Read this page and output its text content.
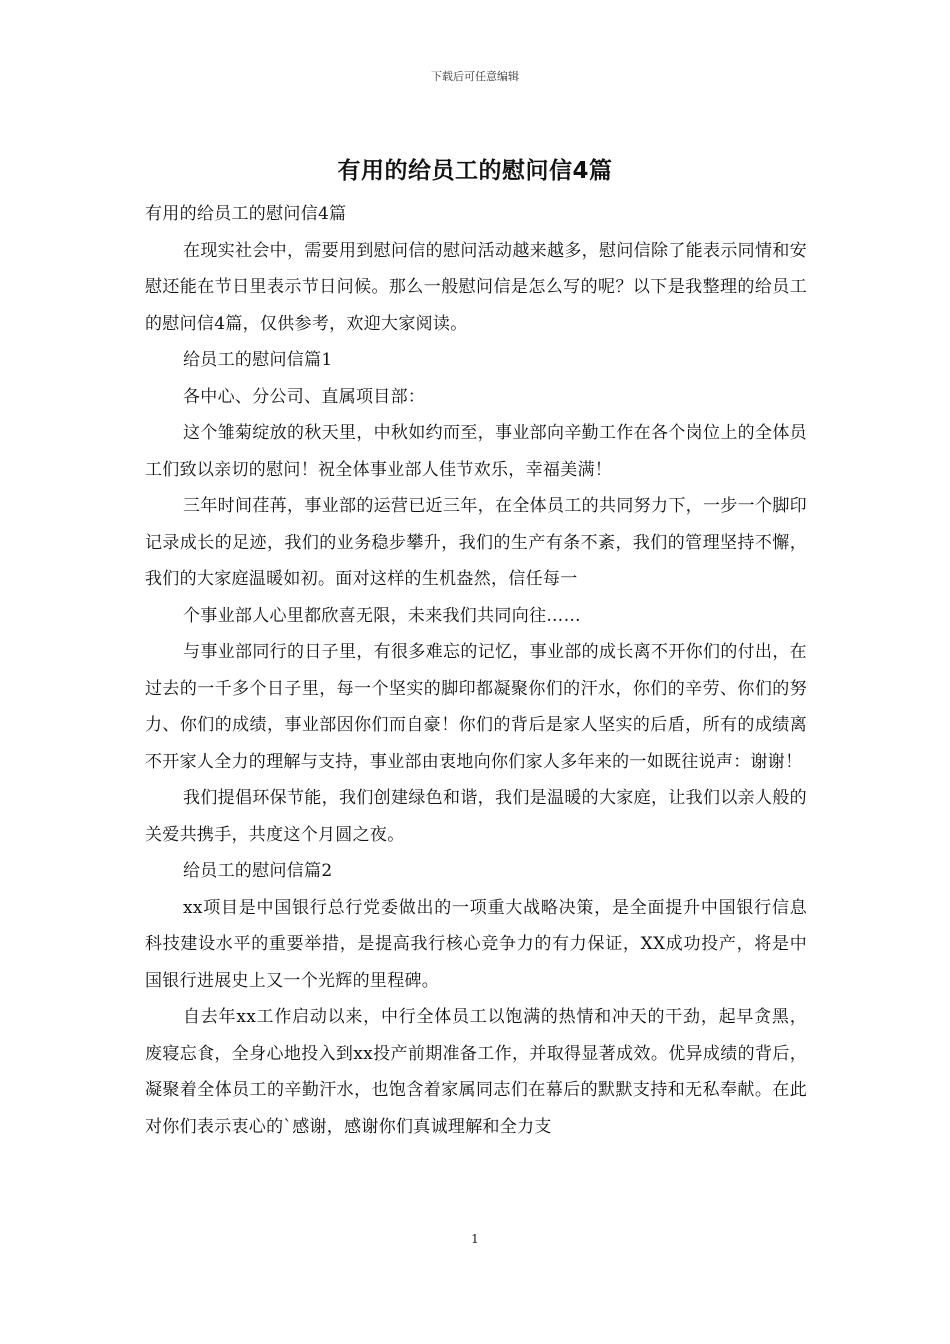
下载后可任意编辑
有用的给员工的慰问信4篇

有用的给员工的慰问信4篇

在现实社会中，需要用到慰问信的慰问活动越来越多，慰问信除了能表示同情和安慰还能在节日里表示节日问候。那么一般慰问信是怎么写的呢？以下是我整理的给员工的慰问信4篇，仅供参考，欢迎大家阅读。

给员工的慰问信篇1

各中心、分公司、直属项目部：

这个雏菊绽放的秋天里，中秋如约而至，事业部向辛勤工作在各个岗位上的全体员工们致以亲切的慰问！祝全体事业部人佳节欢乐，幸福美满！

三年时间荏苒，事业部的运营已近三年，在全体员工的共同努力下，一步一个脚印记录成长的足迹，我们的业务稳步攀升，我们的生产有条不紊，我们的管理坚持不懈，我们的大家庭温暖如初。面对这样的生机盎然，信任每一

个事业部人心里都欣喜无限，未来我们共同向往……

与事业部同行的日子里，有很多难忘的记忆，事业部的成长离不开你们的付出，在过去的一千多个日子里，每一个坚实的脚印都凝聚你们的汗水，你们的辛劳、你们的努力、你们的成绩，事业部因你们而自豪！你们的背后是家人坚实的后盾，所有的成绩离不开家人全力的理解与支持，事业部由衷地向你们家人多年来的一如既往说声：谢谢！

我们提倡环保节能，我们创建绿色和谐，我们是温暖的大家庭，让我们以亲人般的关爱共携手，共度这个月圆之夜。

给员工的慰问信篇2

xx项目是中国银行总行党委做出的一项重大战略决策，是全面提升中国银行信息科技建设水平的重要举措，是提高我行核心竞争力的有力保证，XX成功投产，将是中国银行进展史上又一个光辉的里程碑。

自去年xx工作启动以来，中行全体员工以饱满的热情和冲天的干劲，起早贪黑，废寝忘食，全身心地投入到xx投产前期准备工作，并取得显著成效。优异成绩的背后，凝聚着全体员工的辛勤汗水，也饱含着家属同志们在幕后的默默支持和无私奉献。在此对你们表示衷心的`感谢，感谢你们真诚理解和全力支

1
